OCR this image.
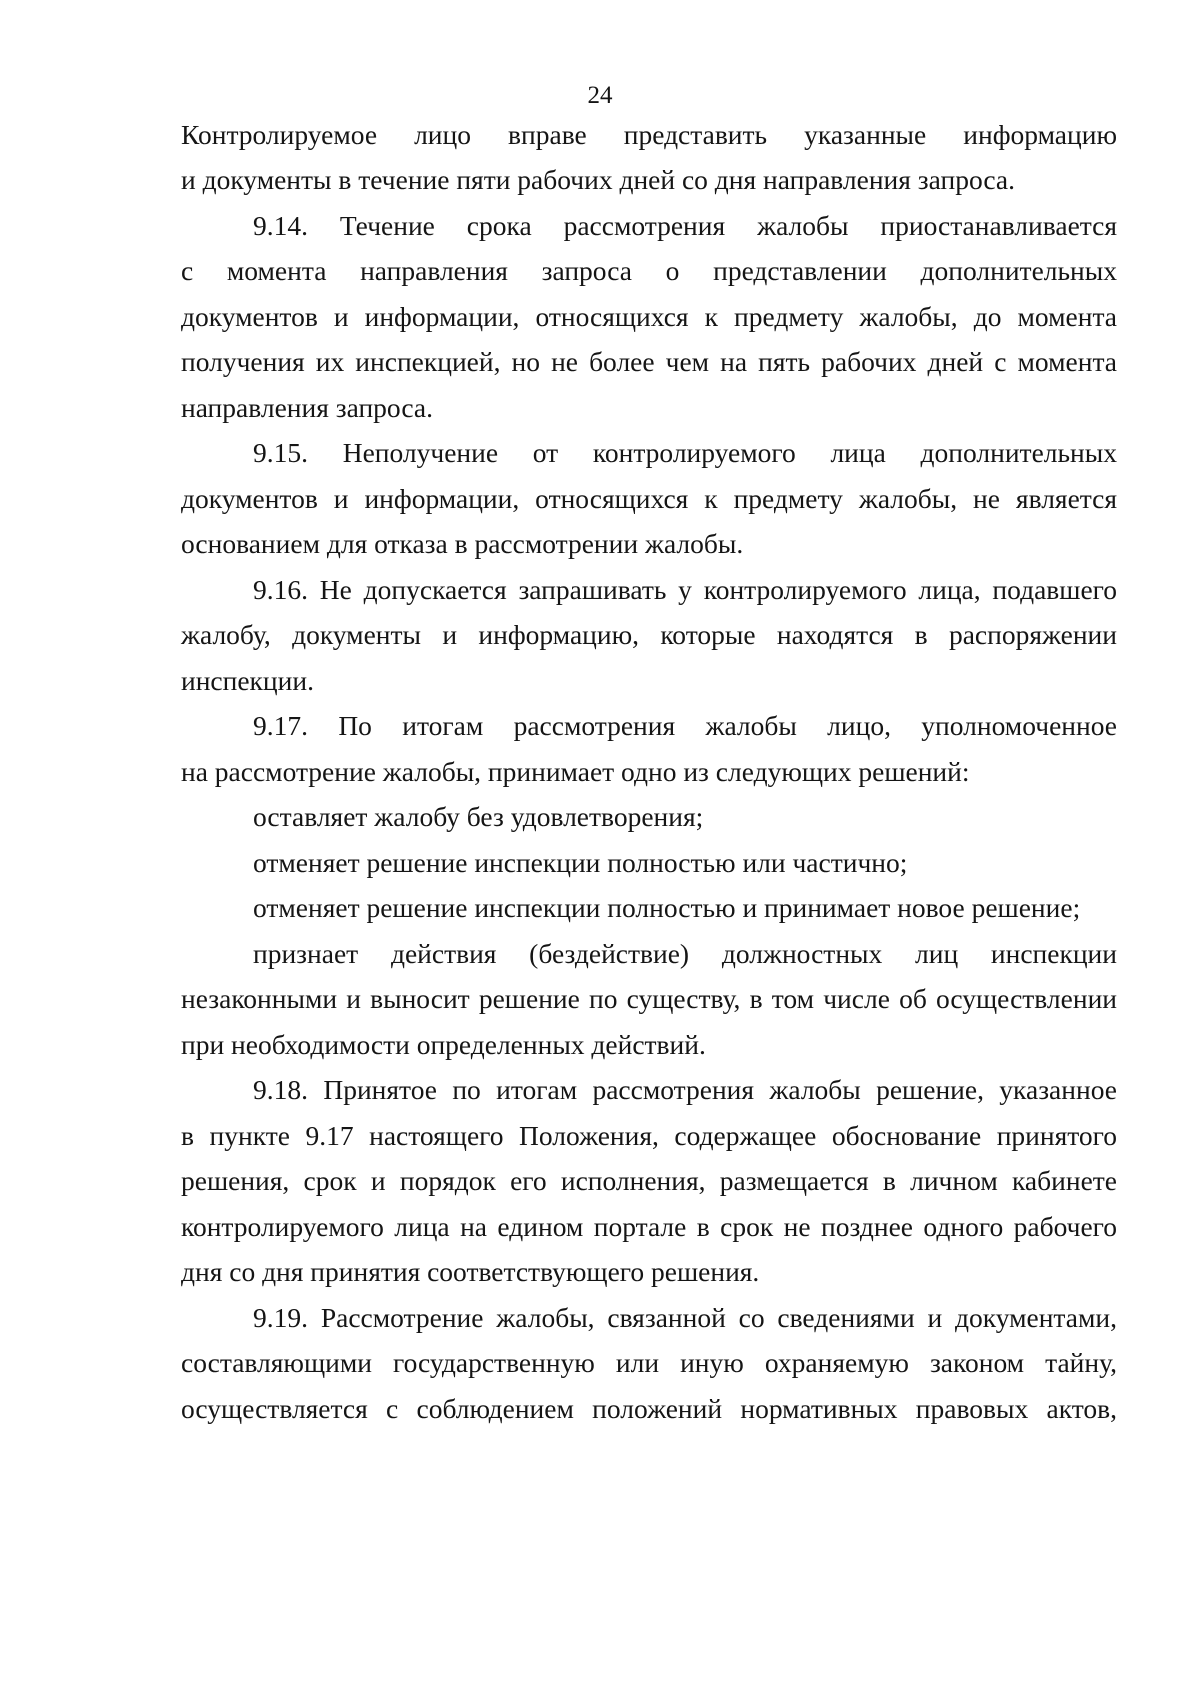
24
Контролируемое лицо вправе представить указанные информацию
и документы в течение пяти рабочих дней со дня направления запроса.
9.14. Течение срока рассмотрения жалобы приостанавливается
с момента направления запроса о представлении дополнительных
документов и информации, относящихся к предмету жалобы, до момента
получения их инспекцией, но не более чем на пять рабочих дней с момента
направления запроса.
9.15. Неполучение от контролируемого лица дополнительных
документов и информации, относящихся к предмету жалобы, не является
основанием для отказа в рассмотрении жалобы.
9.16. Не допускается запрашивать у контролируемого лица, подавшего
жалобу, документы и информацию, которые находятся в распоряжении
инспекции.
9.17. По итогам рассмотрения жалобы лицо, уполномоченное
на рассмотрение жалобы, принимает одно из следующих решений:
оставляет жалобу без удовлетворения;
отменяет решение инспекции полностью или частично;
отменяет решение инспекции полностью и принимает новое решение;
признает действия (бездействие) должностных лиц инспекции
незаконными и выносит решение по существу, в том числе об осуществлении
при необходимости определенных действий.
9.18. Принятое по итогам рассмотрения жалобы решение, указанное
в пункте 9.17 настоящего Положения, содержащее обоснование принятого
решения, срок и порядок его исполнения, размещается в личном кабинете
контролируемого лица на едином портале в срок не позднее одного рабочего
дня со дня принятия соответствующего решения.
9.19. Рассмотрение жалобы, связанной со сведениями и документами,
составляющими государственную или иную охраняемую законом тайну,
осуществляется с соблюдением положений нормативных правовых актов,
